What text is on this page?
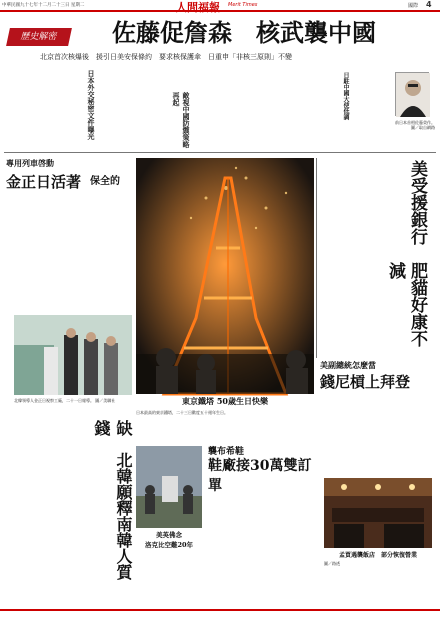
中華民國九十七年十二月二十三日 星期二	人間福報 Merit Times	國際 4
歷史解密	佐藤促詹森　核武襲中國
北京首次核爆後　援引日美安保條約　要求核保護傘　日重申「非核三原則」不變
日本外交秘密文件曝光	敵視中國防禦策略再起	日駐中國大使低調
前日本首相佐藤榮作。
圖／取自網路
專用列車啓動
金正日活著 保全的
北韓領導人金正日視察工廠，二十一日報導。 圖／美聯社	東京鐵塔 50歲生日快樂
日本最高的東京鐵塔，二十三日歡度五十週年生日。
美受援銀行
肥貓好康不減
美副總統怎麼當
錢尼槓上拜登
缺錢
北韓願釋南韓人質	美英佛念
洛克比空難20年
襲布希鞋
鞋廠接30萬雙訂單
孟買遇襲飯店　部分恢復營業
圖／路透
